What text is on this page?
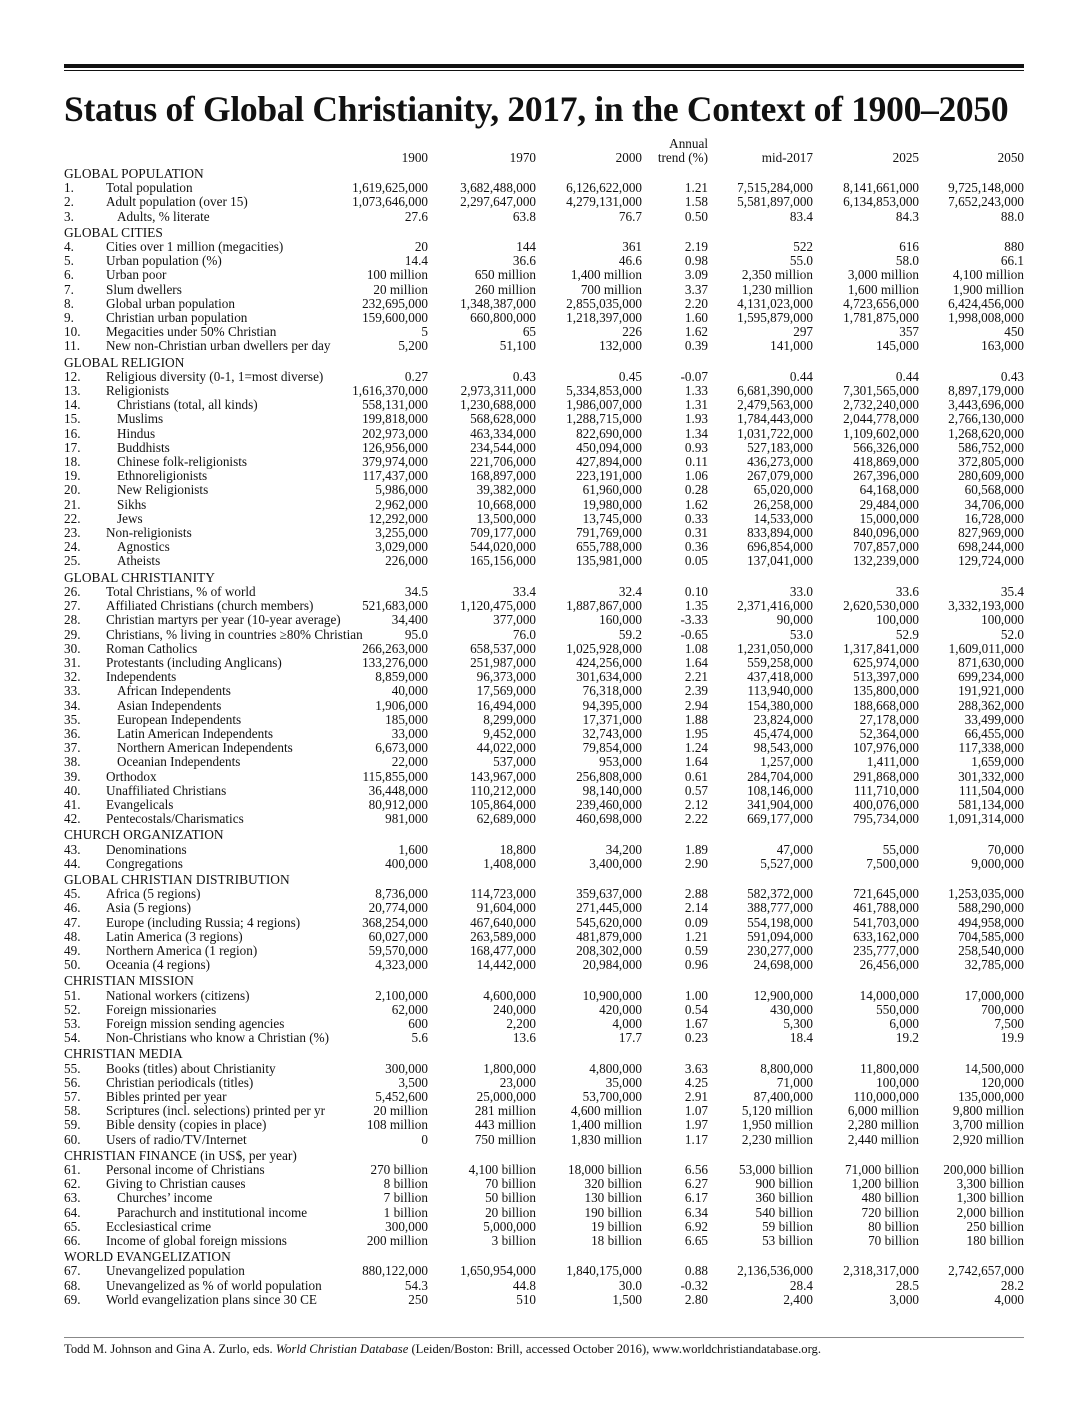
Status of Global Christianity, 2017, in the Context of 1900–2050
					Annual			
		1900	1970	2000	trend (%)	mid-2017	2025	2050
GLOBAL POPULATION								
1.	Total population	1,619,625,000	3,682,488,000	6,126,622,000	1.21	7,515,284,000	8,141,661,000	9,725,148,000
2.	Adult population (over 15)	1,073,646,000	2,297,647,000	4,279,131,000	1.58	5,581,897,000	6,134,853,000	7,652,243,000
3.	Adults, % literate	27.6	63.8	76.7	0.50	83.4	84.3	88.0
GLOBAL CITIES								
4.	Cities over 1 million (megacities)	20	144	361	2.19	522	616	880
5.	Urban population (%)	14.4	36.6	46.6	0.98	55.0	58.0	66.1
6.	Urban poor	100 million	650 million	1,400 million	3.09	2,350 million	3,000 million	4,100 million
7.	Slum dwellers	20 million	260 million	700 million	3.37	1,230 million	1,600 million	1,900 million
8.	Global urban population	232,695,000	1,348,387,000	2,855,035,000	2.20	4,131,023,000	4,723,656,000	6,424,456,000
9.	Christian urban population	159,600,000	660,800,000	1,218,397,000	1.60	1,595,879,000	1,781,875,000	1,998,008,000
10.	Megacities under 50% Christian	5	65	226	1.62	297	357	450
11.	New non-Christian urban dwellers per day	5,200	51,100	132,000	0.39	141,000	145,000	163,000
GLOBAL RELIGION								
12.	Religious diversity (0-1, 1=most diverse)	0.27	0.43	0.45	-0.07	0.44	0.44	0.43
13.	Religionists	1,616,370,000	2,973,311,000	5,334,853,000	1.33	6,681,390,000	7,301,565,000	8,897,179,000
14.	Christians (total, all kinds)	558,131,000	1,230,688,000	1,986,007,000	1.31	2,479,563,000	2,732,240,000	3,443,696,000
15.	Muslims	199,818,000	568,628,000	1,288,715,000	1.93	1,784,443,000	2,044,778,000	2,766,130,000
16.	Hindus	202,973,000	463,334,000	822,690,000	1.34	1,031,722,000	1,109,602,000	1,268,620,000
17.	Buddhists	126,956,000	234,544,000	450,094,000	0.93	527,183,000	566,326,000	586,752,000
18.	Chinese folk-religionists	379,974,000	221,706,000	427,894,000	0.11	436,273,000	418,869,000	372,805,000
19.	Ethnoreligionists	117,437,000	168,897,000	223,191,000	1.06	267,079,000	267,396,000	280,609,000
20.	New Religionists	5,986,000	39,382,000	61,960,000	0.28	65,020,000	64,168,000	60,568,000
21.	Sikhs	2,962,000	10,668,000	19,980,000	1.62	26,258,000	29,484,000	34,706,000
22.	Jews	12,292,000	13,500,000	13,745,000	0.33	14,533,000	15,000,000	16,728,000
23.	Non-religionists	3,255,000	709,177,000	791,769,000	0.31	833,894,000	840,096,000	827,969,000
24.	Agnostics	3,029,000	544,020,000	655,788,000	0.36	696,854,000	707,857,000	698,244,000
25.	Atheists	226,000	165,156,000	135,981,000	0.05	137,041,000	132,239,000	129,724,000
GLOBAL CHRISTIANITY								
26.	Total Christians, % of world	34.5	33.4	32.4	0.10	33.0	33.6	35.4
27.	Affiliated Christians (church members)	521,683,000	1,120,475,000	1,887,867,000	1.35	2,371,416,000	2,620,530,000	3,332,193,000
28.	Christian martyrs per year (10-year average)	34,400	377,000	160,000	-3.33	90,000	100,000	100,000
29.	Christians, % living in countries ≥80% Christian	95.0	76.0	59.2	-0.65	53.0	52.9	52.0
30.	Roman Catholics	266,263,000	658,537,000	1,025,928,000	1.08	1,231,050,000	1,317,841,000	1,609,011,000
31.	Protestants (including Anglicans)	133,276,000	251,987,000	424,256,000	1.64	559,258,000	625,974,000	871,630,000
32.	Independents	8,859,000	96,373,000	301,634,000	2.21	437,418,000	513,397,000	699,234,000
33.	African Independents	40,000	17,569,000	76,318,000	2.39	113,940,000	135,800,000	191,921,000
34.	Asian Independents	1,906,000	16,494,000	94,395,000	2.94	154,380,000	188,668,000	288,362,000
35.	European Independents	185,000	8,299,000	17,371,000	1.88	23,824,000	27,178,000	33,499,000
36.	Latin American Independents	33,000	9,452,000	32,743,000	1.95	45,474,000	52,364,000	66,455,000
37.	Northern American Independents	6,673,000	44,022,000	79,854,000	1.24	98,543,000	107,976,000	117,338,000
38.	Oceanian Independents	22,000	537,000	953,000	1.64	1,257,000	1,411,000	1,659,000
39.	Orthodox	115,855,000	143,967,000	256,808,000	0.61	284,704,000	291,868,000	301,332,000
40.	Unaffiliated Christians	36,448,000	110,212,000	98,140,000	0.57	108,146,000	111,710,000	111,504,000
41.	Evangelicals	80,912,000	105,864,000	239,460,000	2.12	341,904,000	400,076,000	581,134,000
42.	Pentecostals/Charismatics	981,000	62,689,000	460,698,000	2.22	669,177,000	795,734,000	1,091,314,000
CHURCH ORGANIZATION								
43.	Denominations	1,600	18,800	34,200	1.89	47,000	55,000	70,000
44.	Congregations	400,000	1,408,000	3,400,000	2.90	5,527,000	7,500,000	9,000,000
GLOBAL CHRISTIAN DISTRIBUTION								
45.	Africa (5 regions)	8,736,000	114,723,000	359,637,000	2.88	582,372,000	721,645,000	1,253,035,000
46.	Asia (5 regions)	20,774,000	91,604,000	271,445,000	2.14	388,777,000	461,788,000	588,290,000
47.	Europe (including Russia; 4 regions)	368,254,000	467,640,000	545,620,000	0.09	554,198,000	541,703,000	494,958,000
48.	Latin America (3 regions)	60,027,000	263,589,000	481,879,000	1.21	591,094,000	633,162,000	704,585,000
49.	Northern America (1 region)	59,570,000	168,477,000	208,302,000	0.59	230,277,000	235,777,000	258,540,000
50.	Oceania (4 regions)	4,323,000	14,442,000	20,984,000	0.96	24,698,000	26,456,000	32,785,000
CHRISTIAN MISSION								
51.	National workers (citizens)	2,100,000	4,600,000	10,900,000	1.00	12,900,000	14,000,000	17,000,000
52.	Foreign missionaries	62,000	240,000	420,000	0.54	430,000	550,000	700,000
53.	Foreign mission sending agencies	600	2,200	4,000	1.67	5,300	6,000	7,500
54.	Non-Christians who know a Christian (%)	5.6	13.6	17.7	0.23	18.4	19.2	19.9
CHRISTIAN MEDIA								
55.	Books (titles) about Christianity	300,000	1,800,000	4,800,000	3.63	8,800,000	11,800,000	14,500,000
56.	Christian periodicals (titles)	3,500	23,000	35,000	4.25	71,000	100,000	120,000
57.	Bibles printed per year	5,452,600	25,000,000	53,700,000	2.91	87,400,000	110,000,000	135,000,000
58.	Scriptures (incl. selections) printed per yr	20 million	281 million	4,600 million	1.07	5,120 million	6,000 million	9,800 million
59.	Bible density (copies in place)	108 million	443 million	1,400 million	1.97	1,950 million	2,280 million	3,700 million
60.	Users of radio/TV/Internet	0	750 million	1,830 million	1.17	2,230 million	2,440 million	2,920 million
CHRISTIAN FINANCE (in US$, per year)								
61.	Personal income of Christians	270 billion	4,100 billion	18,000 billion	6.56	53,000 billion	71,000 billion	200,000 billion
62.	Giving to Christian causes	8 billion	70 billion	320 billion	6.27	900 billion	1,200 billion	3,300 billion
63.	Churches’ income	7 billion	50 billion	130 billion	6.17	360 billion	480 billion	1,300 billion
64.	Parachurch and institutional income	1 billion	20 billion	190 billion	6.34	540 billion	720 billion	2,000 billion
65.	Ecclesiastical crime	300,000	5,000,000	19 billion	6.92	59 billion	80 billion	250 billion
66.	Income of global foreign missions	200 million	3 billion	18 billion	6.65	53 billion	70 billion	180 billion
WORLD EVANGELIZATION								
67.	Unevangelized population	880,122,000	1,650,954,000	1,840,175,000	0.88	2,136,536,000	2,318,317,000	2,742,657,000
68.	Unevangelized as % of world population	54.3	44.8	30.0	-0.32	28.4	28.5	28.2
69.	World evangelization plans since 30 CE	250	510	1,500	2.80	2,400	3,000	4,000
Todd M. Johnson and Gina A. Zurlo, eds. World Christian Database (Leiden/Boston: Brill, accessed October 2016), www.worldchristiandatabase.org.
